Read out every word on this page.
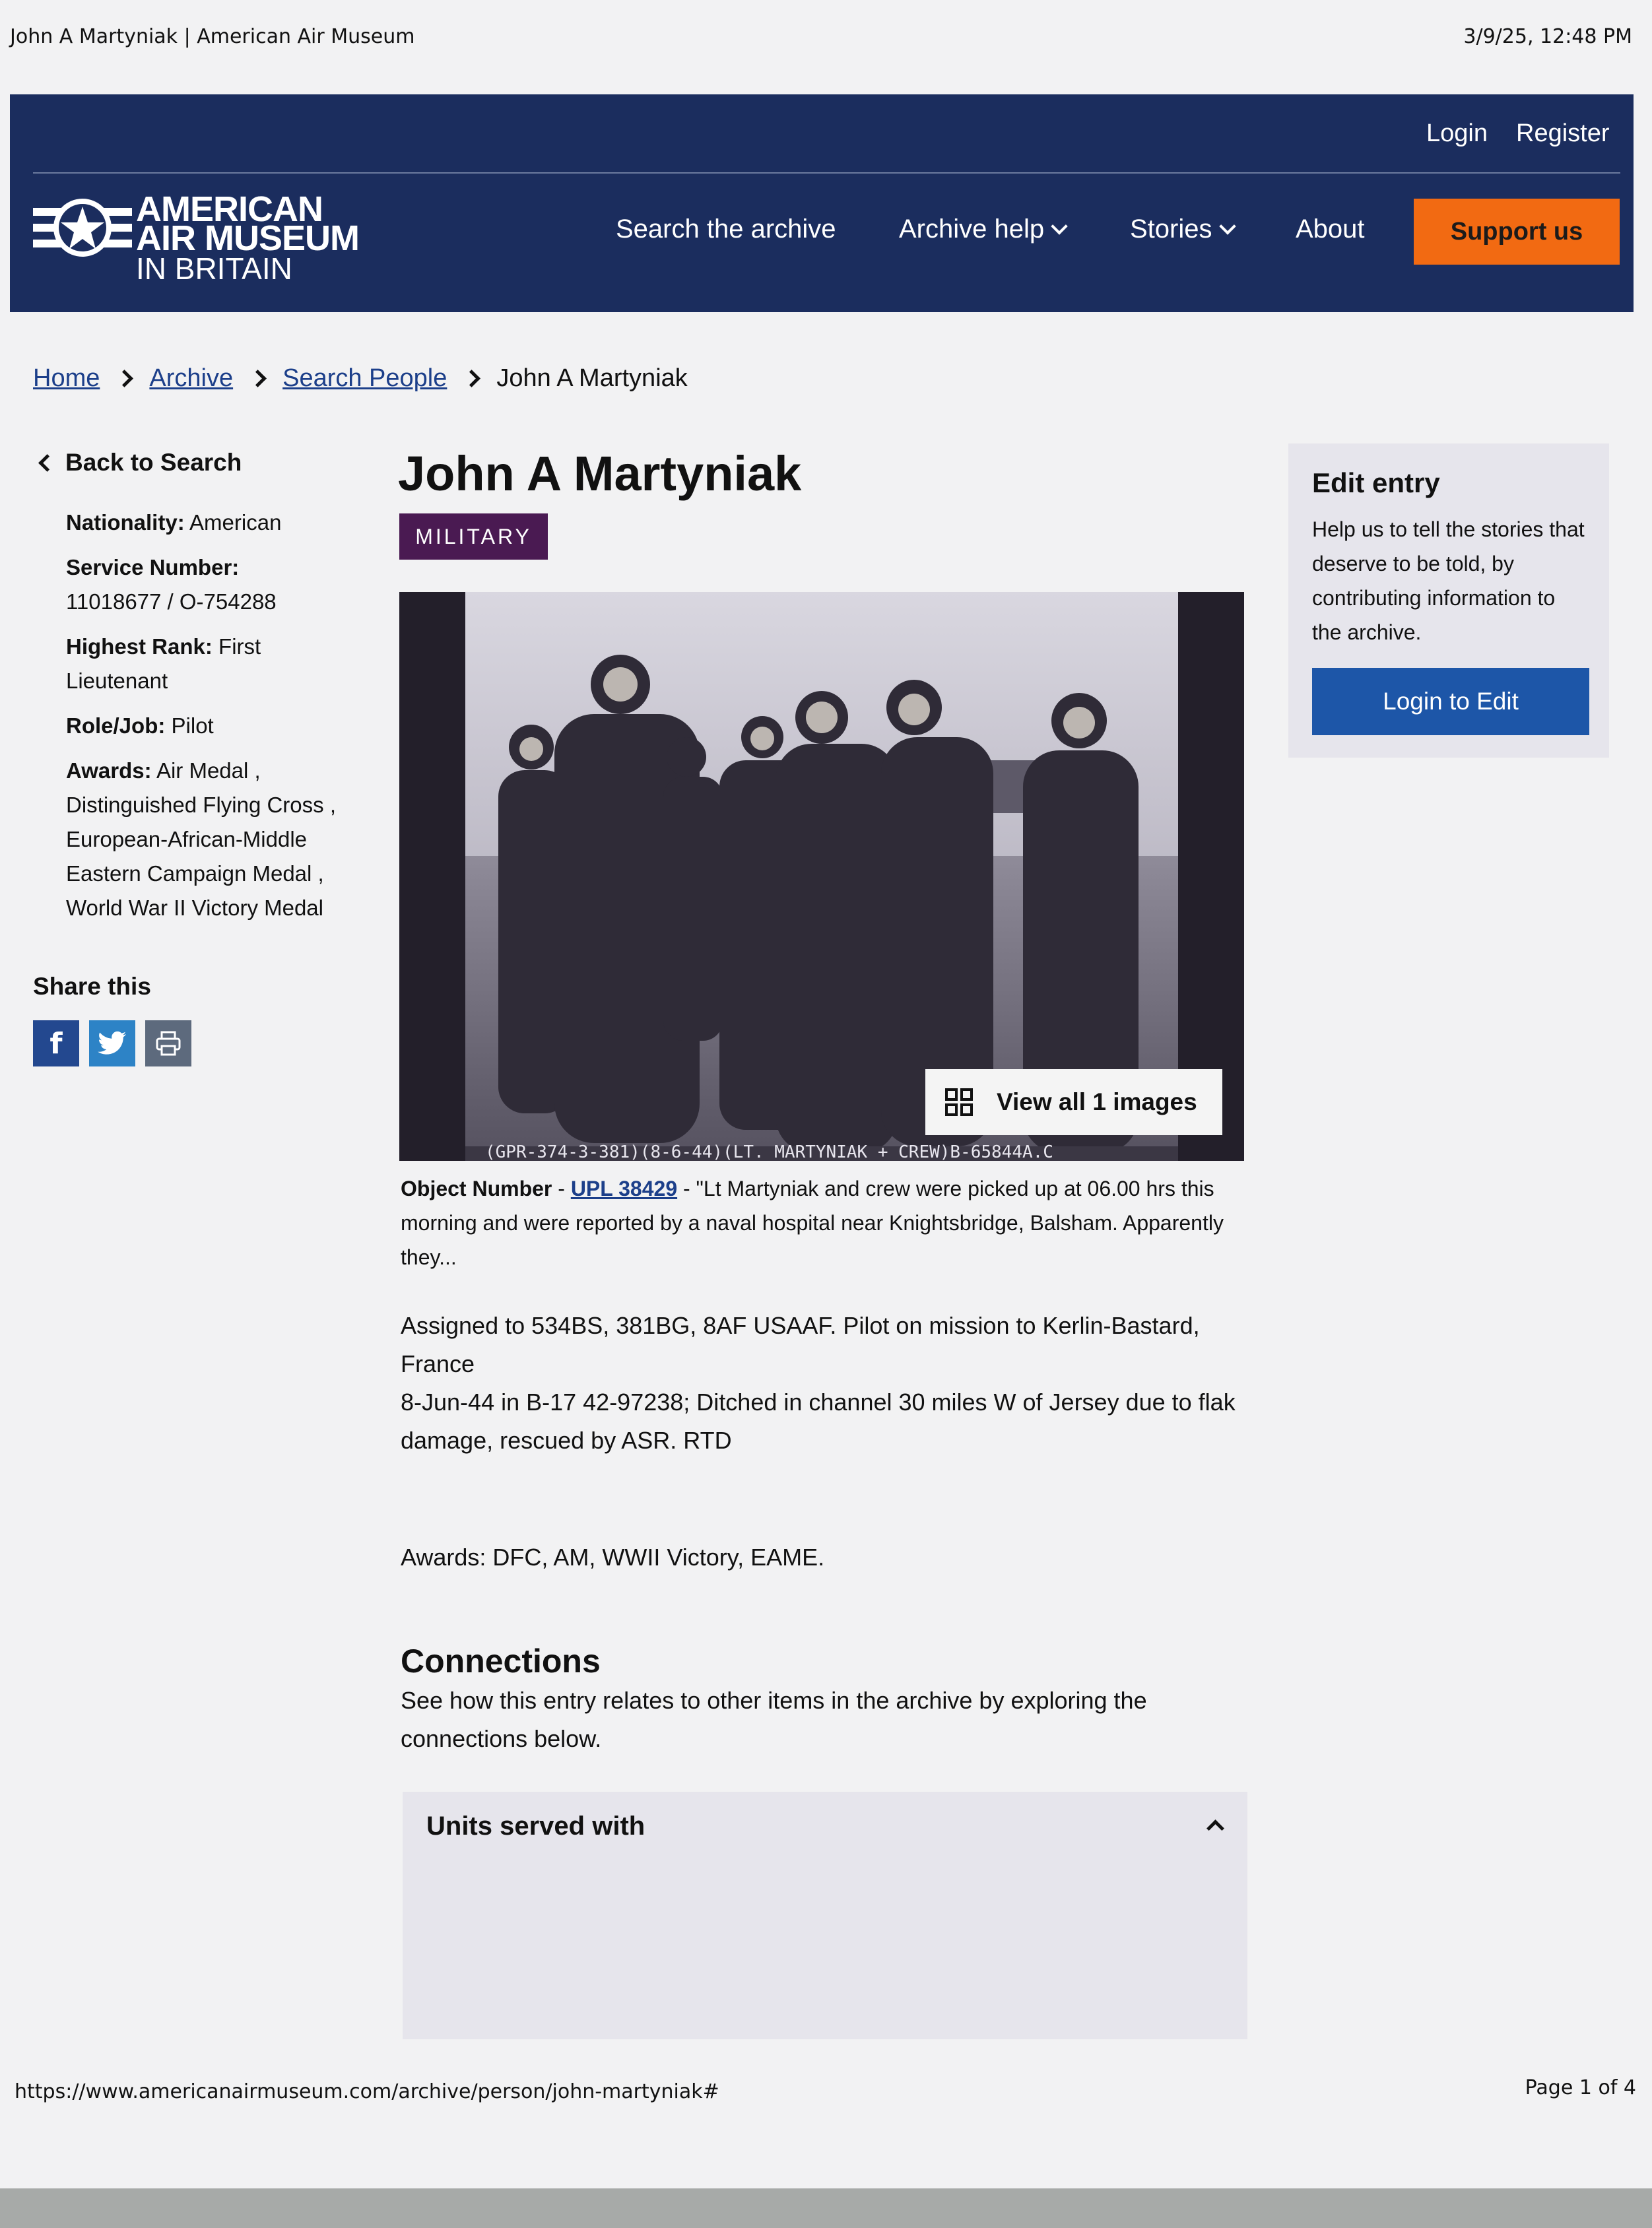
John A Martyniak | American Air Museum	3/9/25, 12:48 PM
Login Register
AMERICAN
AIR MUSEUM
IN BRITAIN
Search the archive Archive help	Stories	About	Support us
Home Archive Search People John A Martyniak
Back to Search
Nationality: American
Service Number:
11018677 / O-754288
Highest Rank: First
Lieutenant
Role/Job: Pilot
Awards: Air Medal ,
Distinguished Flying Cross ,
European-African-Middle
Eastern Campaign Medal ,
World War II Victory Medal
Share this
f
John A Martyniak
MILITARY
(GPR-374-3-381)(8-6-44)(LT. MARTYNIAK + CREW)B-65844A.C
View all 1 images
Object Number - UPL 38429 - "Lt Martyniak and crew were picked up at 06.00 hrs this
morning and were reported by a naval hospital near Knightsbridge, Balsham. Apparently
they...
Assigned to 534BS, 381BG, 8AF USAAF. Pilot on mission to Kerlin-Bastard, France
8-Jun-44 in B-17 42-97238; Ditched in channel 30 miles W of Jersey due to flak
damage, rescued by ASR. RTD
Awards: DFC, AM, WWII Victory, EAME.
Connections
See how this entry relates to other items in the archive by exploring the
connections below.
Units served with
Edit entry
Help us to tell the stories that
deserve to be told, by
contributing information to
the archive.
Login to Edit
https://www.americanairmuseum.com/archive/person/john-martyniak#	Page 1 of 4
